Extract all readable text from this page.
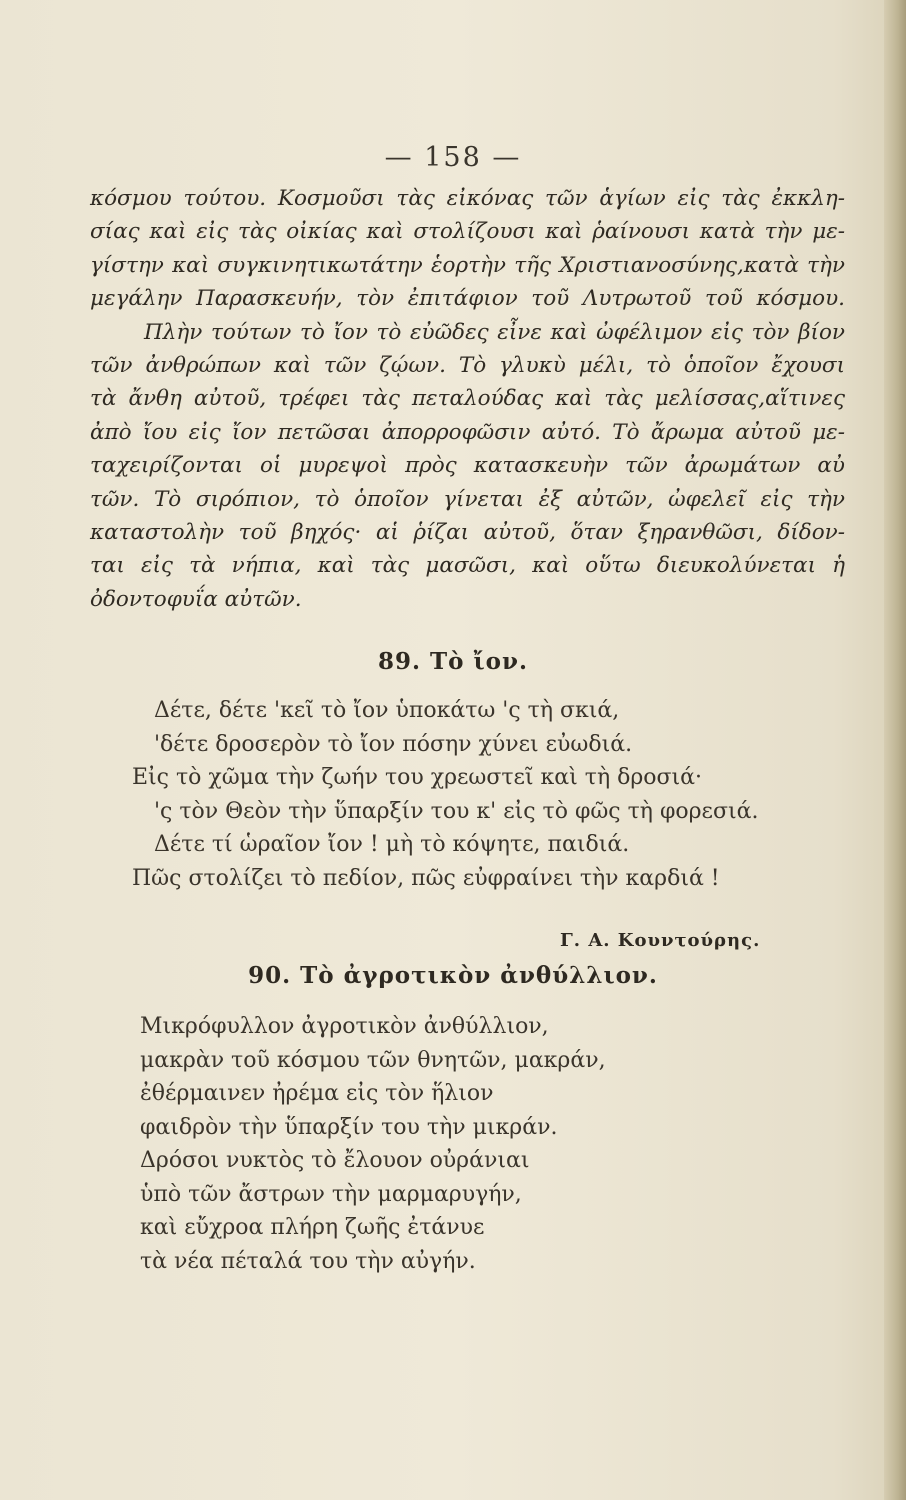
— 158 —
κόσμου τούτου. Κοσμοῦσι τὰς εἰκόνας τῶν ἁγίων εἰς τὰς ἐκκλη-
σίας καὶ εἰς τὰς οἰκίας καὶ στολίζουσι καὶ ῥαίνουσι κατὰ τὴν με-
γίστην καὶ συγκινητικωτάτην ἑορτὴν τῆς Χριστιανοσύνης,κατὰ τὴν
μεγάλην Παρασκευήν, τὸν ἐπιτάφιον τοῦ Λυτρωτοῦ τοῦ κόσμου.
Πλὴν τούτων τὸ ἴον τὸ εὐῶδες εἶνε καὶ ὠφέλιμον εἰς τὸν βίον
τῶν ἀνθρώπων καὶ τῶν ζῴων. Τὸ γλυκὺ μέλι, τὸ ὁποῖον ἔχουσι
τὰ ἄνθη αὐτοῦ, τρέφει τὰς πεταλούδας καὶ τὰς μελίσσας,αἵτινες
ἀπὸ ἴου εἰς ἴον πετῶσαι ἀπορροφῶσιν αὐτό. Τὸ ἄρωμα αὐτοῦ με-
ταχειρίζονται οἱ μυρεψοὶ πρὸς κατασκευὴν τῶν ἀρωμάτων αὐ
τῶν. Τὸ σιρόπιον, τὸ ὁποῖον γίνεται ἐξ αὐτῶν, ὠφελεῖ εἰς τὴν
καταστολὴν τοῦ βηχός· αἱ ῥίζαι αὐτοῦ, ὅταν ξηρανθῶσι, δίδον-
ται εἰς τὰ νήπια, καὶ τὰς μασῶσι, καὶ οὕτω διευκολύνεται ἡ
ὀδοντοφυΐα αὐτῶν.
89. Τὸ ἴον.
Δέτε, δέτε 'κεῖ τὸ ἴον ὑποκάτω 'ς τὴ σκιά,
'δέτε δροσερὸν τὸ ἴον πόσην χύνει εὐωδιά.
Εἰς τὸ χῶμα τὴν ζωήν του χρεωστεῖ καὶ τὴ δροσιά·
'ς τὸν Θεὸν τὴν ὕπαρξίν του κ' εἰς τὸ φῶς τὴ φορεσιά.
Δέτε τί ὡραῖον ἴον ! μὴ τὸ κόψητε, παιδιά.
Πῶς στολίζει τὸ πεδίον, πῶς εὐφραίνει τὴν καρδιά !
Γ. Α. Κουντούρης.
90. Τὸ ἀγροτικὸν ἀνθύλλιον.
Μικρόφυλλον ἀγροτικὸν ἀνθύλλιον,
μακρὰν τοῦ κόσμου τῶν θνητῶν, μακράν,
ἐθέρμαινεν ἠρέμα εἰς τὸν ἥλιον
φαιδρὸν τὴν ὕπαρξίν του τὴν μικράν.
Δρόσοι νυκτὸς τὸ ἔλουον οὐράνιαι
ὑπὸ τῶν ἄστρων τὴν μαρμαρυγήν,
καὶ εὔχροα πλήρη ζωῆς ἐτάνυε
τὰ νέα πέταλά του τὴν αὐγήν.
